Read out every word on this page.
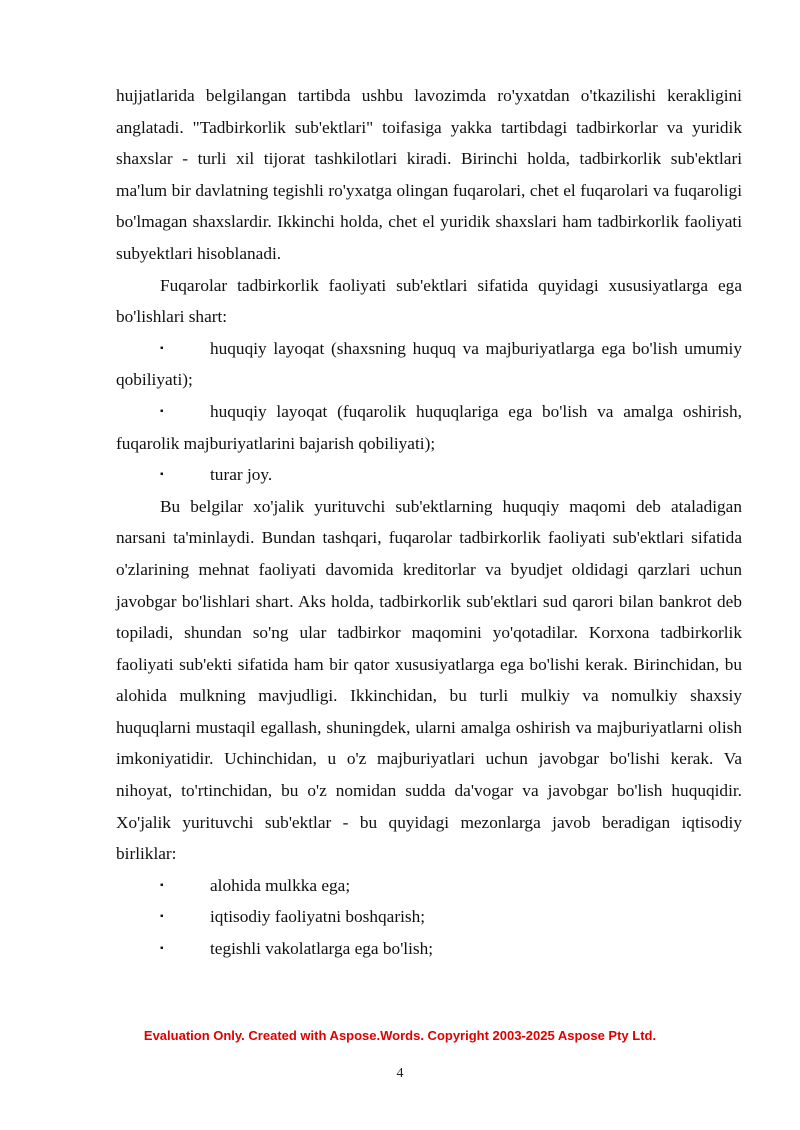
hujjatlarida belgilangan tartibda ushbu lavozimda ro'yxatdan o'tkazilishi kerakligini anglatadi. "Tadbirkorlik sub'ektlari" toifasiga yakka tartibdagi tadbirkorlar va yuridik shaxslar - turli xil tijorat tashkilotlari kiradi. Birinchi holda, tadbirkorlik sub'ektlari ma'lum bir davlatning tegishli ro'yxatga olingan fuqarolari, chet el fuqarolari va fuqaroligi bo'lmagan shaxslardir. Ikkinchi holda, chet el yuridik shaxslari ham tadbirkorlik faoliyati subyektlari hisoblanadi.

Fuqarolar tadbirkorlik faoliyati sub'ektlari sifatida quyidagi xususiyatlarga ega bo'lishlari shart:

▪	huquqiy layoqat (shaxsning huquq va majburiyatlarga ega bo'lish umumiy qobiliyati);

▪	huquqiy layoqat (fuqarolik huquqlariga ega bo'lish va amalga oshirish, fuqarolik majburiyatlarini bajarish qobiliyati);

▪	turar joy.

Bu belgilar xo'jalik yurituvchi sub'ektlarning huquqiy maqomi deb ataladigan narsani ta'minlaydi. Bundan tashqari, fuqarolar tadbirkorlik faoliyati sub'ektlari sifatida o'zlarining mehnat faoliyati davomida kreditorlar va byudjet oldidagi qarzlari uchun javobgar bo'lishlari shart. Aks holda, tadbirkorlik sub'ektlari sud qarori bilan bankrot deb topiladi, shundan so'ng ular tadbirkor maqomini yo'qotadilar. Korxona tadbirkorlik faoliyati sub'ekti sifatida ham bir qator xususiyatlarga ega bo'lishi kerak. Birinchidan, bu alohida mulkning mavjudligi. Ikkinchidan, bu turli mulkiy va nomulkiy shaxsiy huquqlarni mustaqil egallash, shuningdek, ularni amalga oshirish va majburiyatlarni olish imkoniyatidir. Uchinchidan, u o'z majburiyatlari uchun javobgar bo'lishi kerak. Va nihoyat, to'rtinchidan, bu o'z nomidan sudda da'vogar va javobgar bo'lish huquqidir. Xo'jalik yurituvchi sub'ektlar - bu quyidagi mezonlarga javob beradigan iqtisodiy birliklar:

▪	alohida mulkka ega;

▪	iqtisodiy faoliyatni boshqarish;

▪	tegishli vakolatlarga ega bo'lish;

Evaluation Only. Created with Aspose.Words. Copyright 2003-2025 Aspose Pty Ltd.
4
